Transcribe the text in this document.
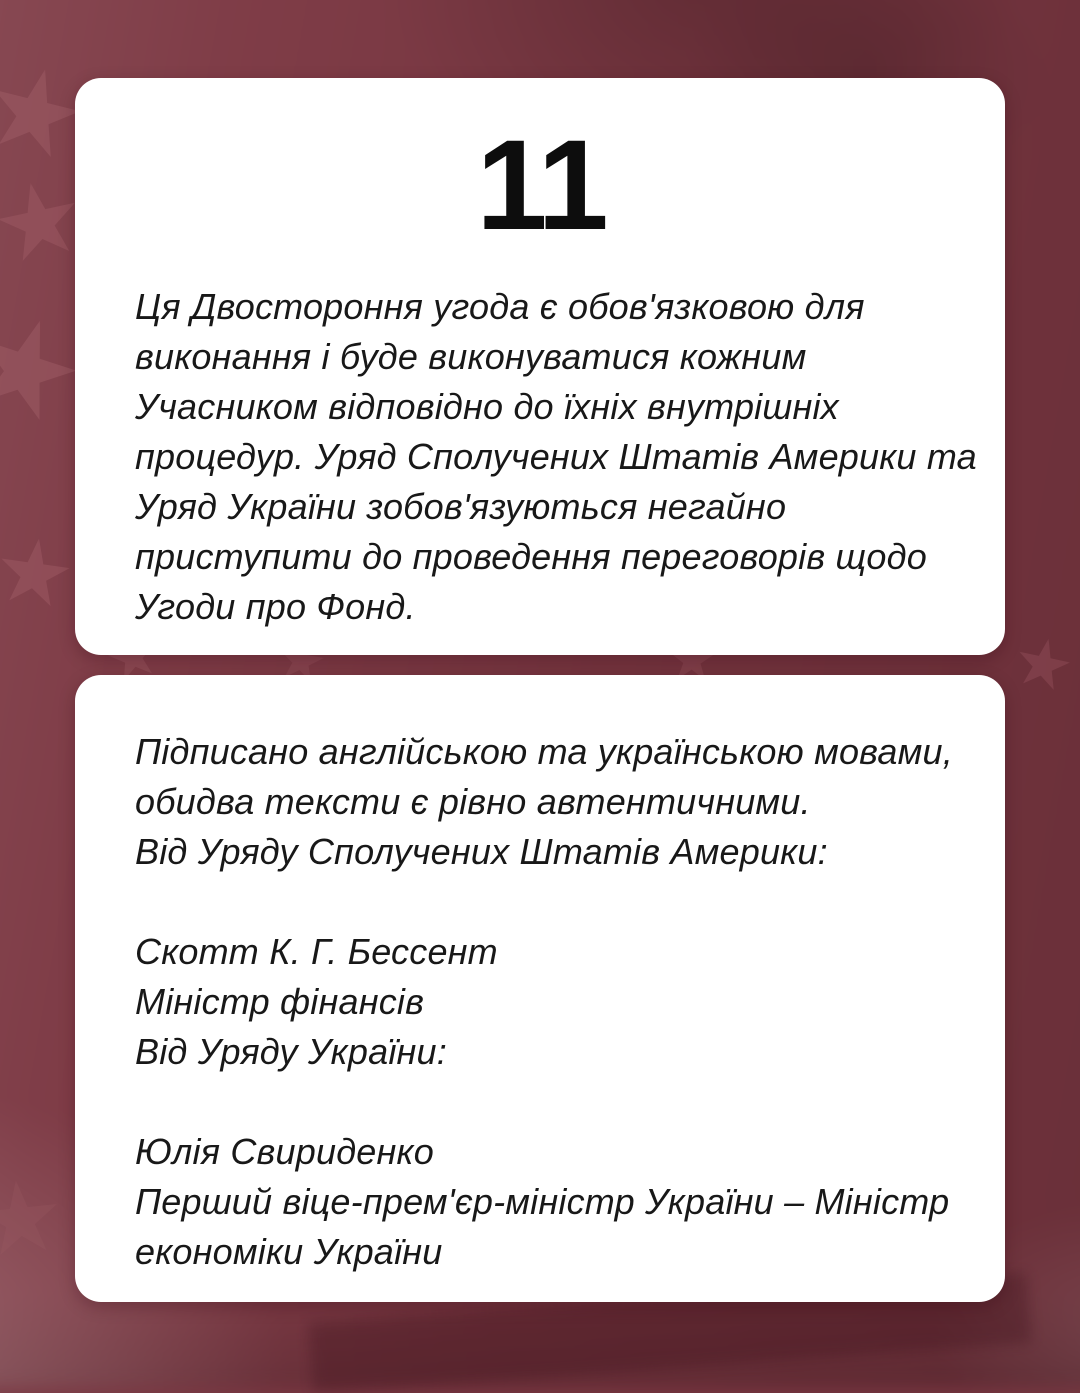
11
Ця Двостороння угода є обов'язковою для
виконання і буде виконуватися кожним
Учасником відповідно до їхніх внутрішніх
процедур. Уряд Сполучених Штатів Америки та
Уряд України зобов'язуються негайно
приступити до проведення переговорів щодо
Угоди про Фонд.
Підписано англійською та українською мовами,
обидва тексти є рівно автентичними.
Від Уряду Сполучених Штатів Америки:
Скотт К. Г. Бессент
Міністр фінансів
Від Уряду України:
Юлія Свириденко
Перший віце-прем'єр-міністр України – Міністр
економіки України
